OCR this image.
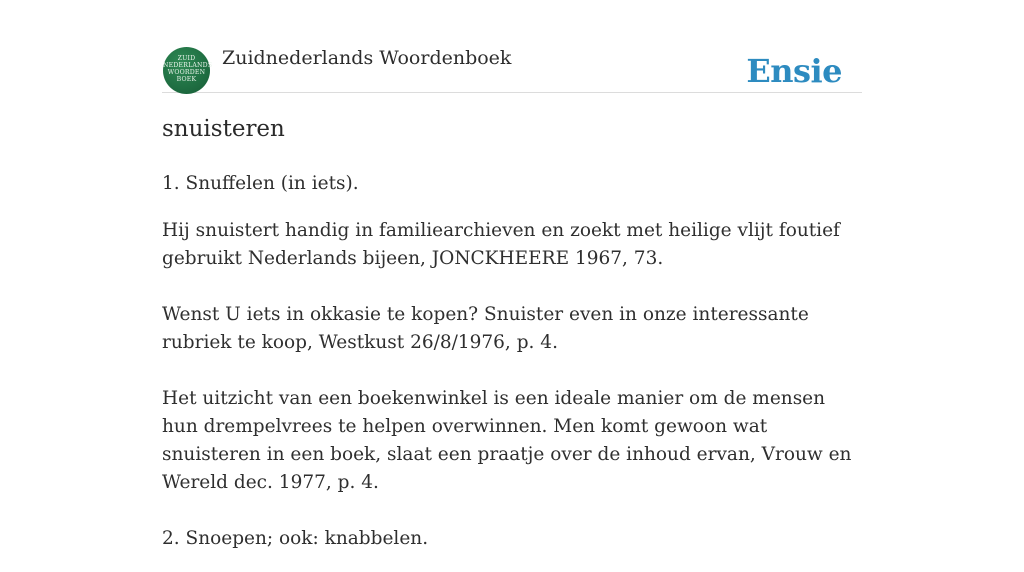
ZUID
NEDERLANDS
WOORDEN
BOEK
Zuidnederlands Woordenboek	Ensie
snuisteren

1. Snuffelen (in iets).

Hij snuistert handig in familiearchieven en zoekt met heilige vlijt foutief gebruikt Nederlands bijeen, JONCKHEERE 1967, 73.

Wenst U iets in okkasie te kopen? Snuister even in onze interessante rubriek te koop, Westkust 26/8/1976, p. 4.

Het uitzicht van een boekenwinkel is een ideale manier om de mensen hun drempelvrees te helpen overwinnen. Men komt gewoon wat snuisteren in een boek, slaat een praatje over de inhoud ervan, Vrouw en Wereld dec. 1977, p. 4.

2. Snoepen; ook: knabbelen.
